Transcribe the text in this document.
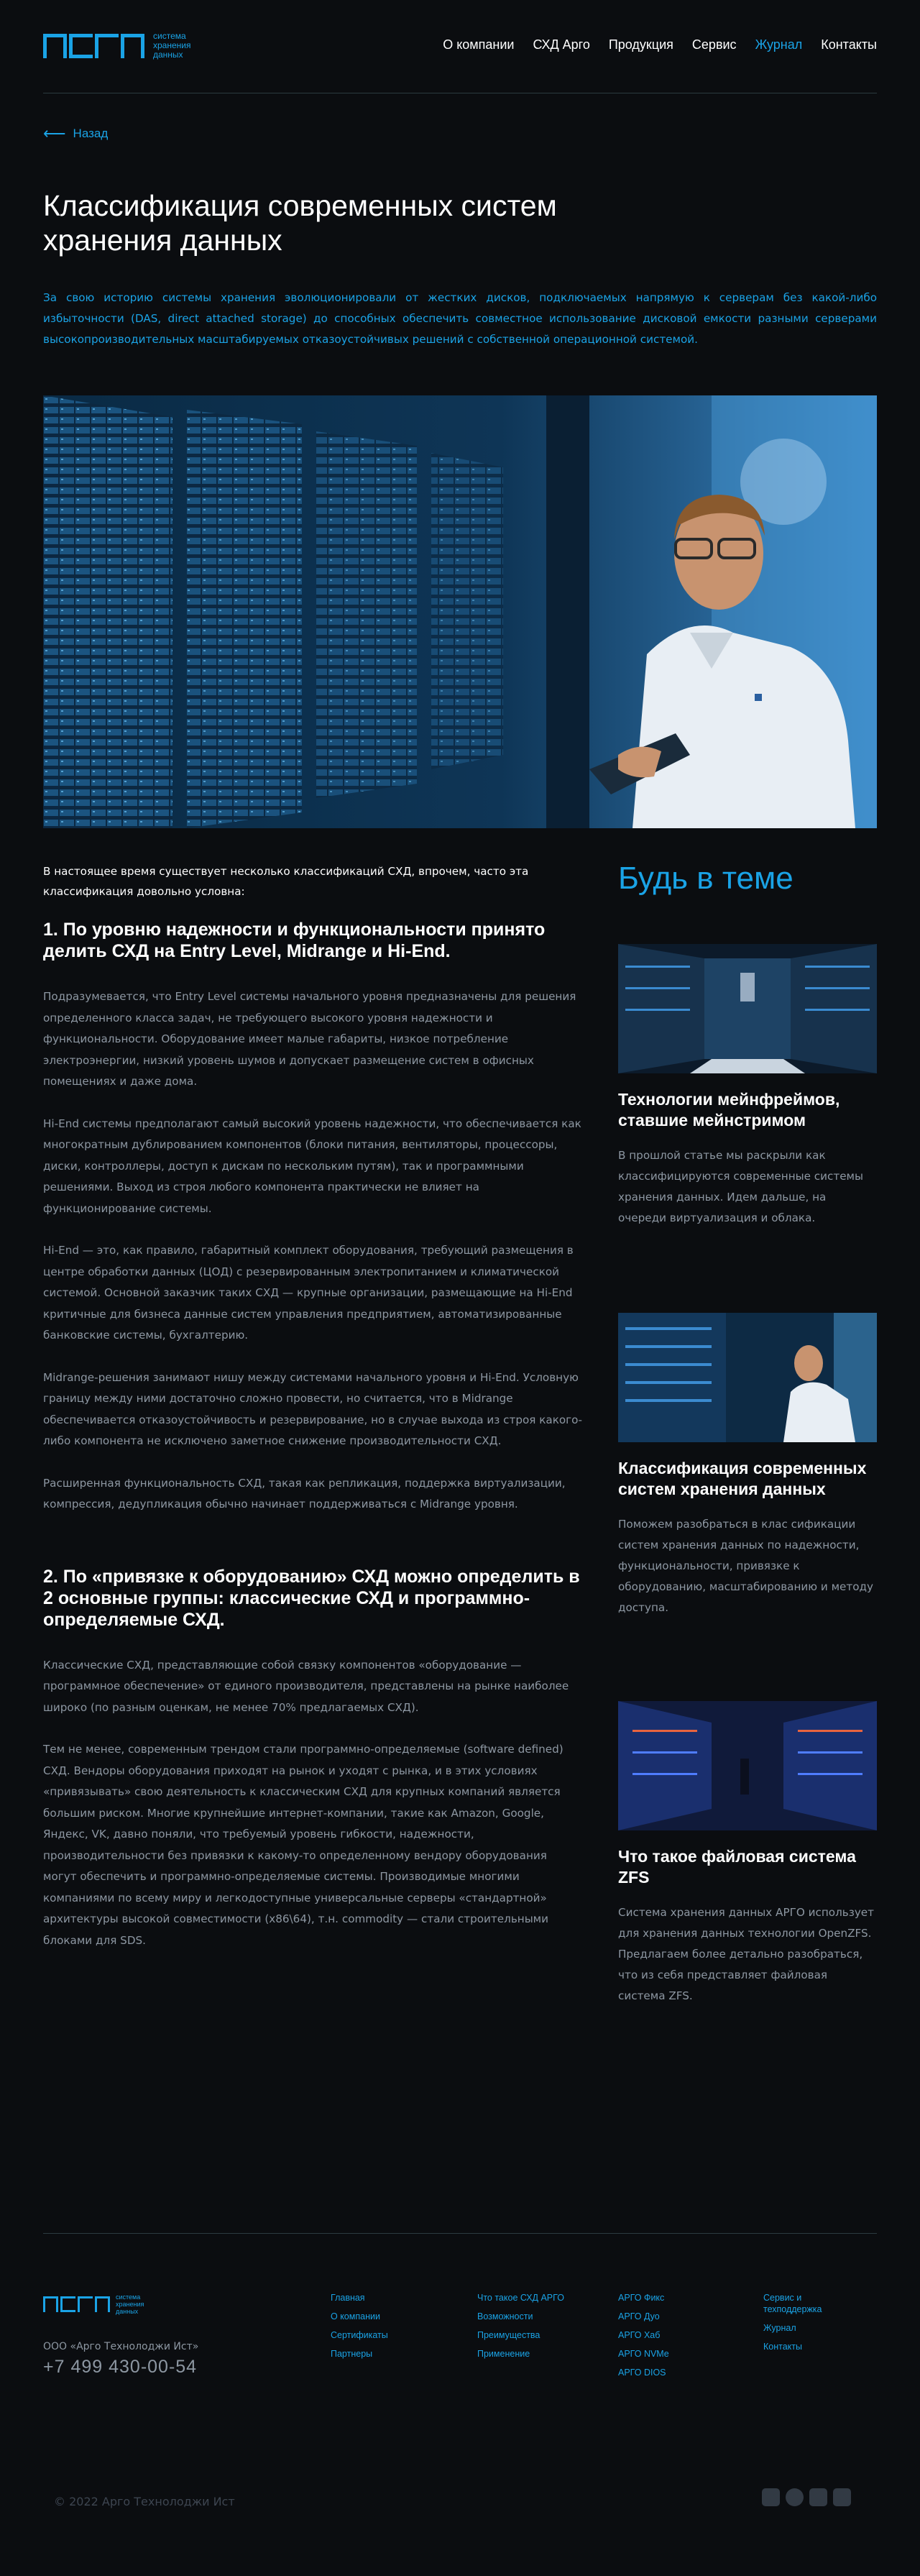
система хранения данных
О компании СХД Арго Продукция Сервис Журнал Контакты
⟵ Назад
Классификация современных систем хранения данных

За свою историю системы хранения эволюционировали от жестких дисков, подключаемых напрямую к серверам без какой-либо избыточности (DAS, direct attached storage) до способных обеспечить совместное использование дисковой емкости разными серверами высокопроизводительных масштабируемых отказоустойчивых решений с собственной операционной системой.

В настоящее время существует несколько классификаций СХД, впрочем, часто эта классификация довольно условна:

1. По уровню надежности и функциональности принято делить СХД на Entry Level, Midrange и Hi-End.

Подразумевается, что Entry Level системы начального уровня предназначены для решения определенного класса задач, не требующего высокого уровня надежности и функциональности. Оборудование имеет малые габариты, низкое потребление электроэнергии, низкий уровень шумов и допускает размещение систем в офисных помещениях и даже дома.

Hi-End системы предполагают самый высокий уровень надежности, что обеспечивается как многократным дублированием компонентов (блоки питания, вентиляторы, процессоры, диски, контроллеры, доступ к дискам по нескольким путям), так и программными решениями. Выход из строя любого компонента практически не влияет на функционирование системы.

Hi-End — это, как правило, габаритный комплект оборудования, требующий размещения в центре обработки данных (ЦОД) с резервированным электропитанием и климатической системой. Основной заказчик таких СХД — крупные организации, размещающие на Hi-End критичные для бизнеса данные систем управления предприятием, автоматизированные банковские системы, бухгалтерию.

Midrange-решения занимают нишу между системами начального уровня и Hi-End. Условную границу между ними достаточно сложно провести, но считается, что в Midrange обеспечивается отказоустойчивость и резервирование, но в случае выхода из строя какого-либо компонента не исключено заметное снижение производительности СХД.

Расширенная функциональность СХД, такая как репликация, поддержка виртуализации, компрессия, дедупликация обычно начинает поддерживаться с Midrange уровня.

2. По «привязке к оборудованию» СХД можно определить в 2 основные группы: классические СХД и программно-определяемые СХД.

Классические СХД, представляющие собой связку компонентов «оборудование — программное обеспечение» от единого производителя, представлены на рынке наиболее широко (по разным оценкам, не менее 70% предлагаемых СХД).

Тем не менее, современным трендом стали программно-определяемые (software defined) СХД. Вендоры оборудования приходят на рынок и уходят с рынка, и в этих условиях «привязывать» свою деятельность к классическим СХД для крупных компаний является большим риском. Многие крупнейшие интернет-компании, такие как Amazon, Google, Яндекс, VK, давно поняли, что требуемый уровень гибкости, надежности, производительности без привязки к какому-то определенному вендору оборудования могут обеспечить и программно-определяемые системы. Производимые многими компаниями по всему миру и легкодоступные универсальные серверы «стандартной» архитектуры высокой совместимости (x86\64), т.н. commodity — стали строительными блоками для SDS.

Будь в теме
Технологии мейнфреймов, ставшие мейнстримом
В прошлой статье мы раскрыли как классифицируются современные системы хранения данных. Идем дальше, на очереди виртуализация и облака.
Классификация современных систем хранения данных
Поможем разобраться в клас сификации систем хранения данных по надежности, функциональности, привязке к оборудованию, масштабированию и методу доступа.
Что такое файловая система ZFS
Система хранения данных АРГО использует для хранения данных технологии OpenZFS. Предлагаем более детально разобраться, что из себя представляет файловая система ZFS.
система хранения данных
ООО «Арго Технолоджи Ист»
+7 499 430-00-54
Главная
О компании
Сертификаты
Партнеры
Что такое СХД АРГО
Возможности
Преимущества
Применение
АРГО Фикс
АРГО Дуо
АРГО Хаб
АРГО NVMe
АРГО DIOS
Сервис и техподдержка
Журнал
Контакты
© 2022 Арго Технолоджи Ист
